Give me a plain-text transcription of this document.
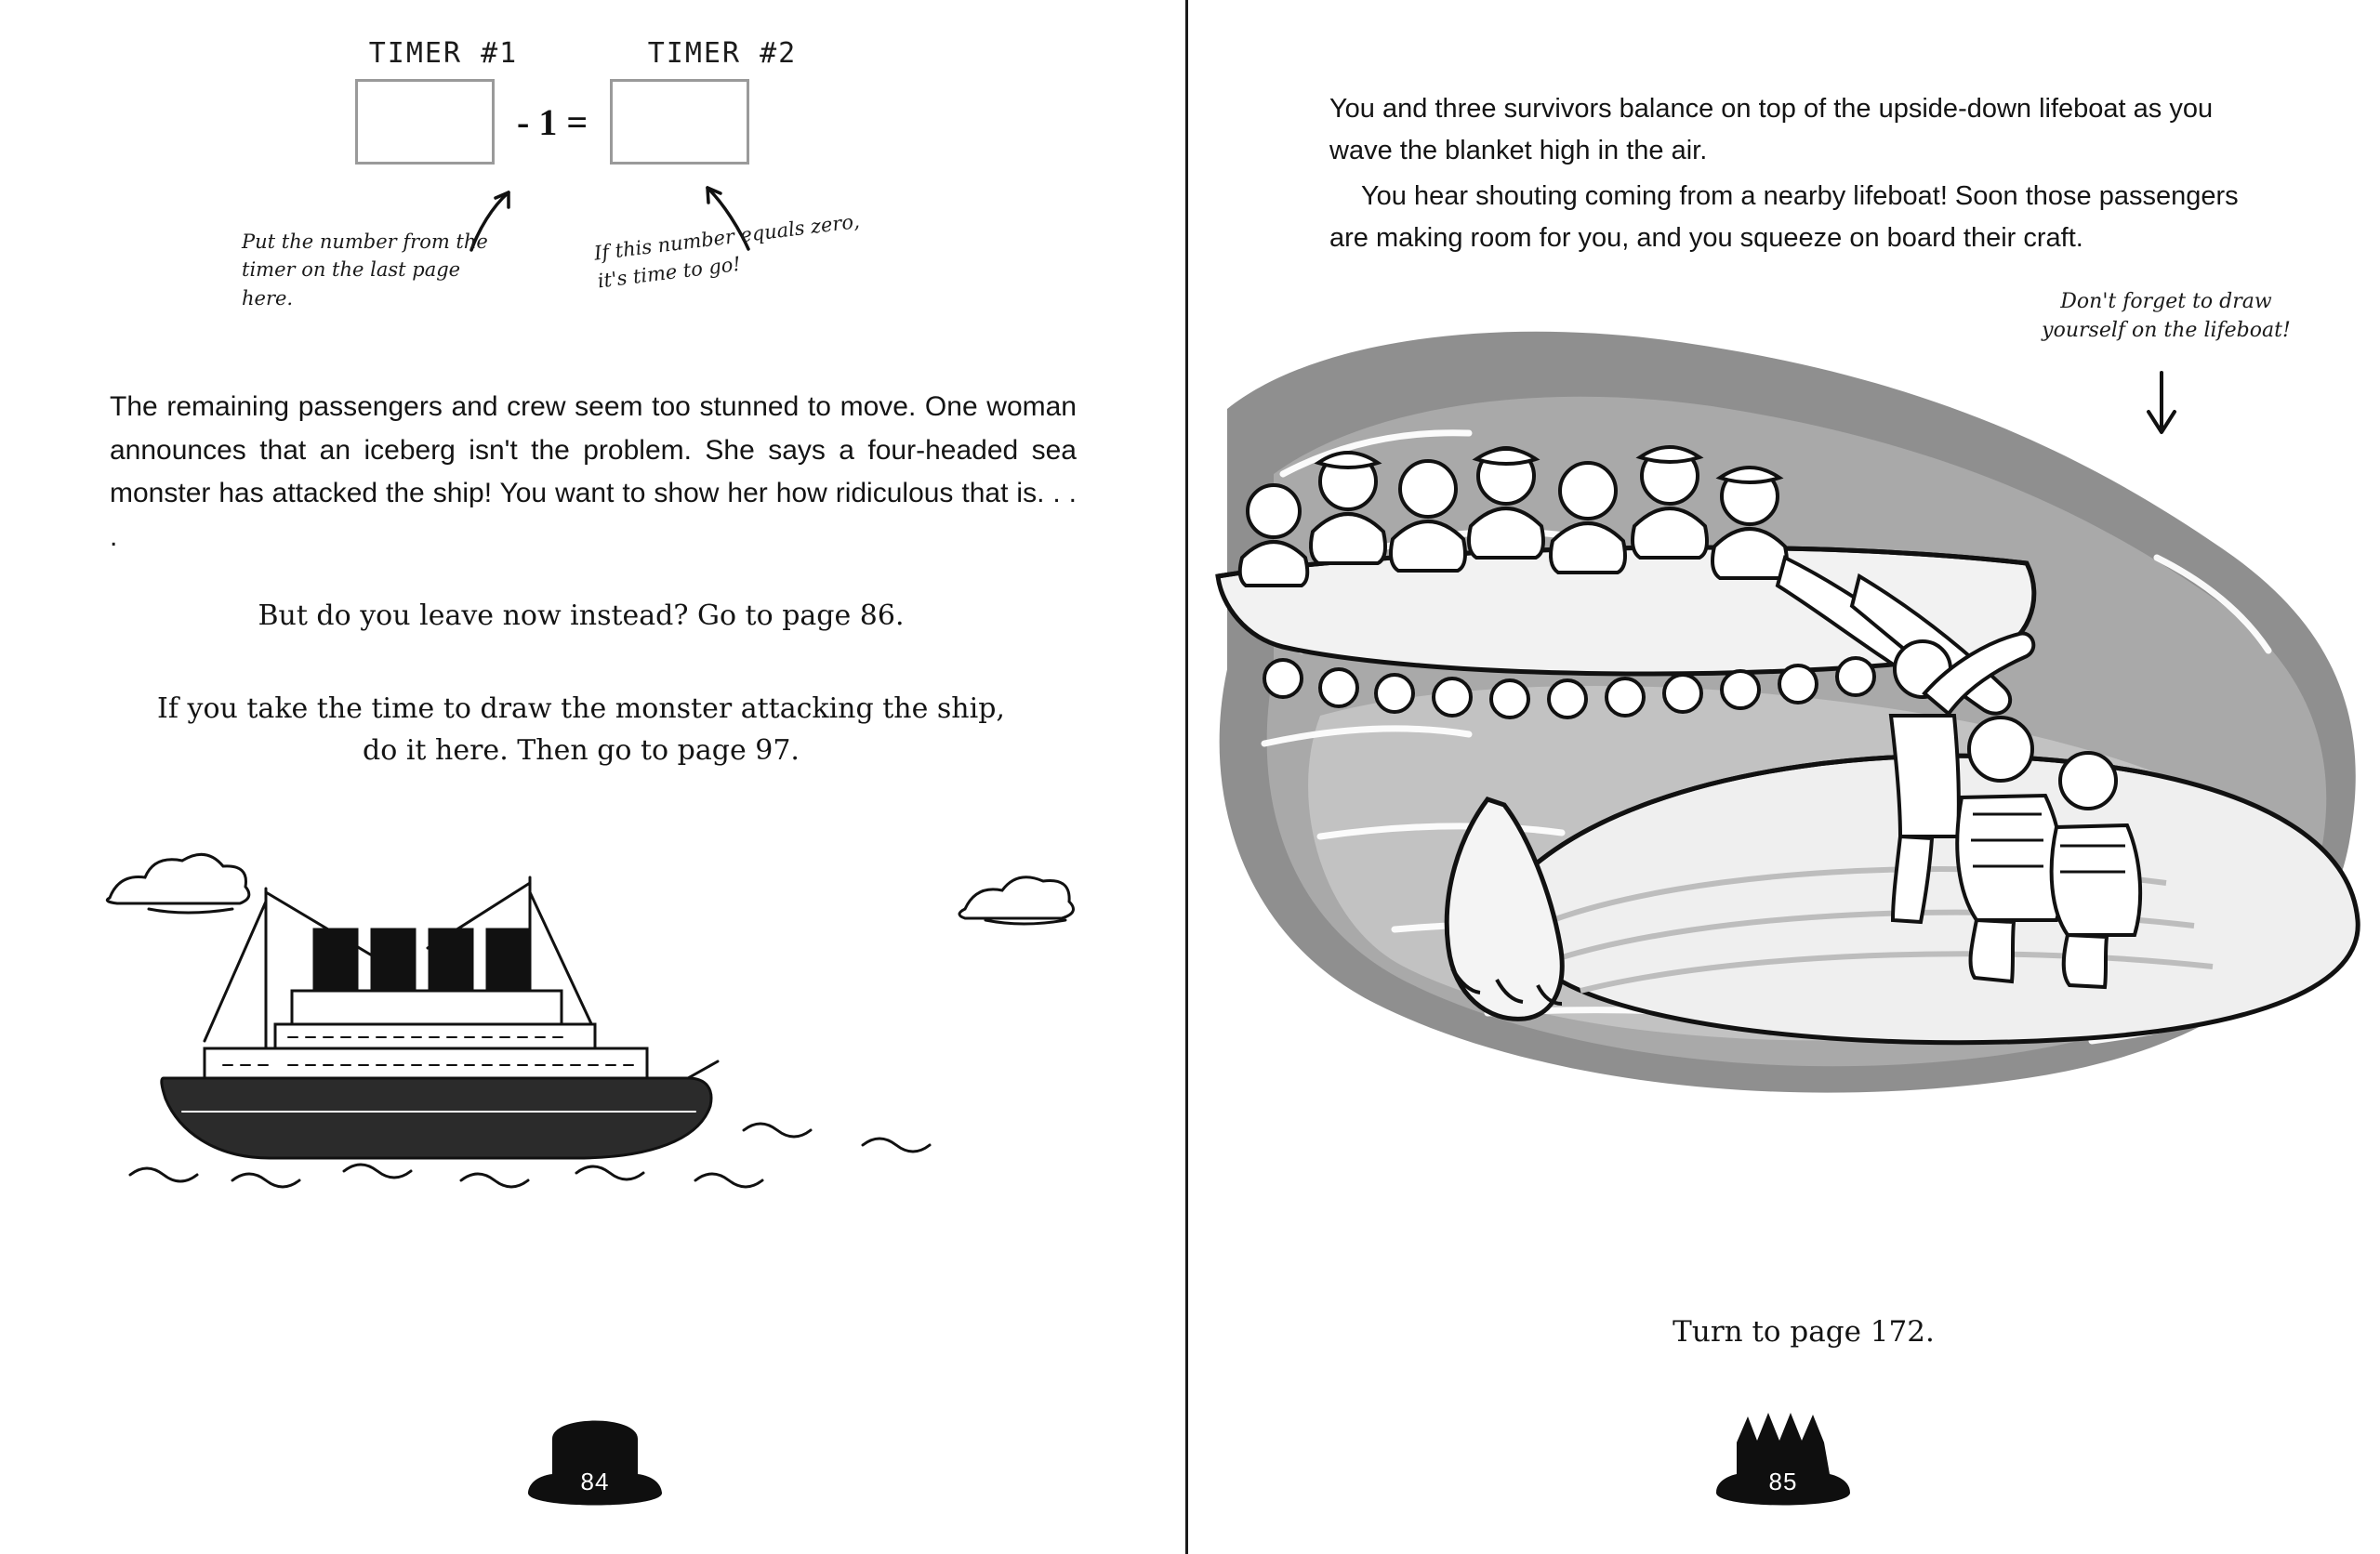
TIMER #1	TIMER #2
- 1 =
Put the number from the timer on the last page here.
If this number equals zero, it's time to go!
The remaining passengers and crew seem too stunned to move. One woman announces that an iceberg isn't the problem. She says a four-headed sea monster has attacked the ship! You want to show her how ridiculous that is. . . .
But do you leave now instead? Go to page 86.
If you take the time to draw the monster attacking the ship, do it here. Then go to page 97.
84

You and three survivors balance on top of the upside-down lifeboat as you wave the blanket high in the air.

You hear shouting coming from a nearby lifeboat! Soon those passengers are making room for you, and you squeeze on board their craft.

Don't forget to draw yourself on the lifeboat!
Turn to page 172.
85
